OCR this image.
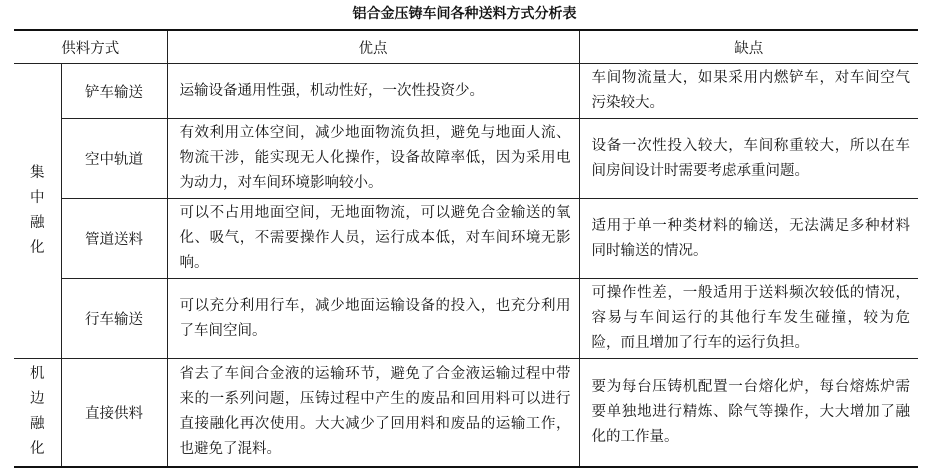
铝合金压铸车间各种送料方式分析表
供料方式		优点	缺点

集
中
融
化	铲车输送	运输设备通用性强，机动性好，一次性投资少。	车间物流量大，如果采用内燃铲车，对车间空气污染较大。
	空中轨道	有效利用立体空间，减少地面物流负担，避免与地面人流、物流干涉，能实现无人化操作，设备故障率低，因为采用电为动力，对车间环境影响较小。	设备一次性投入较大，车间称重较大，所以在车间房间设计时需要考虑承重问题。
	管道送料	可以不占用地面空间，无地面物流，可以避免合金输送的氧化、吸气，不需要操作人员，运行成本低，对车间环境无影响。	适用于单一种类材料的输送，无法满足多种材料同时输送的情况。
	行车输送	可以充分利用行车，减少地面运输设备的投入，也充分利用了车间空间。	可操作性差，一般适用于送料频次较低的情况，容易与车间运行的其他行车发生碰撞，较为危险，而且增加了行车的运行负担。

机
边
融
化	直接供料	省去了车间合金液的运输环节，避免了合金液运输过程中带来的一系列问题，压铸过程中产生的废品和回用料可以进行直接融化再次使用。大大减少了回用料和废品的运输工作，也避免了混料。	要为每台压铸机配置一台熔化炉，每台熔炼炉需要单独地进行精炼、除气等操作，大大增加了融化的工作量。
